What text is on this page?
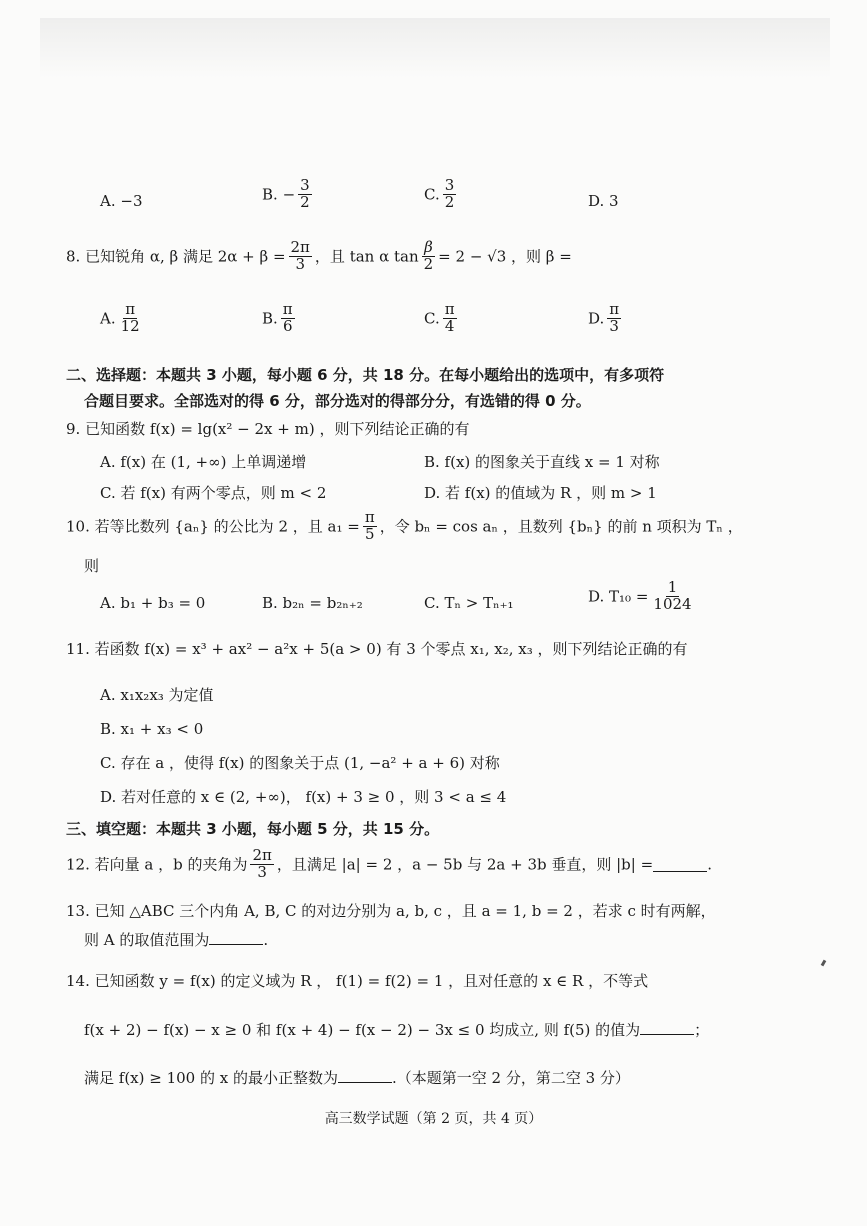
A. −3	B. − $\frac{3}{2}$	C. $\frac{3}{2}$	D. 3
8. 已知锐角 α, β 满足 $2\alpha + \beta = \frac{2\pi}{3}$ ，且 tan α $\tan \frac{\beta}{2} = 2 - √3$ ，则 β =
A. $\frac{\pi}{12}$	B. $\frac{\pi}{6}$	C. $\frac{\pi}{4}$	D. $\frac{\pi}{3}$
二、选择题：本题共 3 小题，每小题 6 分，共 18 分。在每小题给出的选项中，有多项符
合题目要求。全部选对的得 6 分，部分选对的得部分分，有选错的得 0 分。
9. 已知函数 f(x) = lg(x² − 2x + m) ，则下列结论正确的有
A. f(x) 在 (1, +∞) 上单调递增	B. f(x) 的图象关于直线 x = 1 对称
C. 若 f(x) 有两个零点，则 m < 2	D. 若 f(x) 的值域为 R ，则 m > 1
10. 若等比数列 {aₙ} 的公比为 2 ，且 $a_1 = \frac{\pi}{5}$ ，令 bₙ = cos aₙ ，且数列 {bₙ} 的前 n 项积为 Tₙ ，
则
A. b₁ + b₃ = 0	B. b₂ₙ = b₂ₙ₊₂	C. Tₙ > Tₙ₊₁	D. $T_{10} = \frac{1}{1024}$
11. 若函数 f(x) = x³ + ax² − a²x + 5(a > 0) 有 3 个零点 x₁, x₂, x₃ ，则下列结论正确的有
A. x₁x₂x₃ 为定值
B. x₁ + x₃ < 0
C. 存在 a ，使得 f(x) 的图象关于点 (1, −a² + a + 6) 对称
D. 若对任意的 x ∈ (2, +∞)， f(x) + 3 ≥ 0 ，则 3 < a ≤ 4
三、填空题：本题共 3 小题，每小题 5 分，共 15 分。
12. 若向量 a ，b 的夹角为 $\frac{2\pi}{3}$ ，且满足 |a| = 2 ，a − 5b 与 2a + 3b 垂直，则 |b| =	.
13. 已知 △ABC 三个内角 A, B, C 的对边分别为 a, b, c ，且 a = 1, b = 2 ，若求 c 时有两解，
则 A 的取值范围为	.
14. 已知函数 y = f(x) 的定义域为 R ， f(1) = f(2) = 1 ，且对任意的 x ∈ R ，不等式
f(x + 2) − f(x) − x ≥ 0 和 f(x + 4) − f(x − 2) − 3x ≤ 0 均成立, 则 f(5) 的值为	；
满足 f(x) ≥ 100 的 x 的最小正整数为	.（本题第一空 2 分，第二空 3 分）
高三数学试题（第 2 页，共 4 页）
